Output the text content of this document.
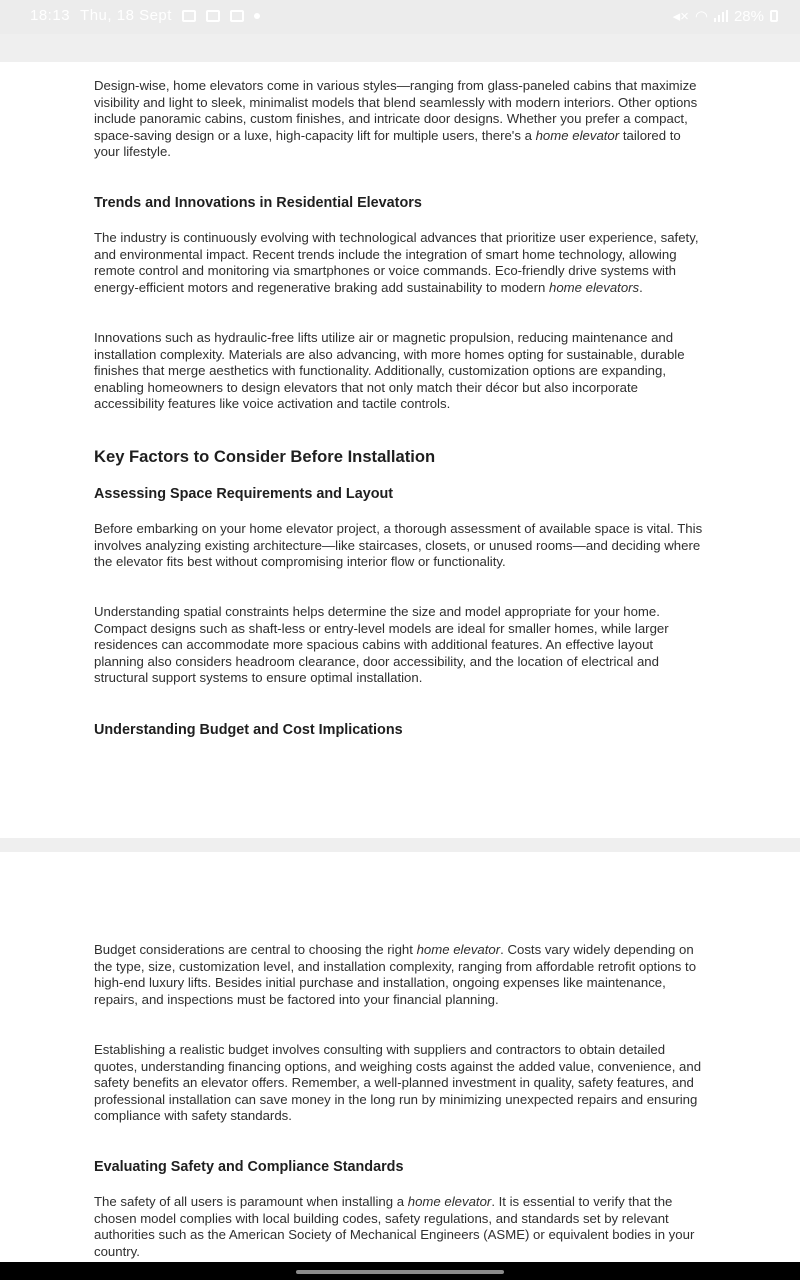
18:13 Thu, 18 Sept	◂× ◠ 28%

Design-wise, home elevators come in various styles—ranging from glass-paneled cabins that maximize visibility and light to sleek, minimalist models that blend seamlessly with modern interiors. Other options include panoramic cabins, custom finishes, and intricate door designs. Whether you prefer a compact, space-saving design or a luxe, high-capacity lift for multiple users, there's a home elevator tailored to your lifestyle.

Trends and Innovations in Residential Elevators

The industry is continuously evolving with technological advances that prioritize user experience, safety, and environmental impact. Recent trends include the integration of smart home technology, allowing remote control and monitoring via smartphones or voice commands. Eco-friendly drive systems with energy-efficient motors and regenerative braking add sustainability to modern home elevators.

Innovations such as hydraulic-free lifts utilize air or magnetic propulsion, reducing maintenance and installation complexity. Materials are also advancing, with more homes opting for sustainable, durable finishes that merge aesthetics with functionality. Additionally, customization options are expanding, enabling homeowners to design elevators that not only match their décor but also incorporate accessibility features like voice activation and tactile controls.

Key Factors to Consider Before Installation
Assessing Space Requirements and Layout

Before embarking on your home elevator project, a thorough assessment of available space is vital. This involves analyzing existing architecture—like staircases, closets, or unused rooms—and deciding where the elevator fits best without compromising interior flow or functionality.

Understanding spatial constraints helps determine the size and model appropriate for your home. Compact designs such as shaft-less or entry-level models are ideal for smaller homes, while larger residences can accommodate more spacious cabins with additional features. An effective layout planning also considers headroom clearance, door accessibility, and the location of electrical and structural support systems to ensure optimal installation.

Understanding Budget and Cost Implications

Budget considerations are central to choosing the right home elevator. Costs vary widely depending on the type, size, customization level, and installation complexity, ranging from affordable retrofit options to high-end luxury lifts. Besides initial purchase and installation, ongoing expenses like maintenance, repairs, and inspections must be factored into your financial planning.

Establishing a realistic budget involves consulting with suppliers and contractors to obtain detailed quotes, understanding financing options, and weighing costs against the added value, convenience, and safety benefits an elevator offers. Remember, a well-planned investment in quality, safety features, and professional installation can save money in the long run by minimizing unexpected repairs and ensuring compliance with safety standards.

Evaluating Safety and Compliance Standards

The safety of all users is paramount when installing a home elevator. It is essential to verify that the chosen model complies with local building codes, safety regulations, and standards set by relevant authorities such as the American Society of Mechanical Engineers (ASME) or equivalent bodies in your country.
